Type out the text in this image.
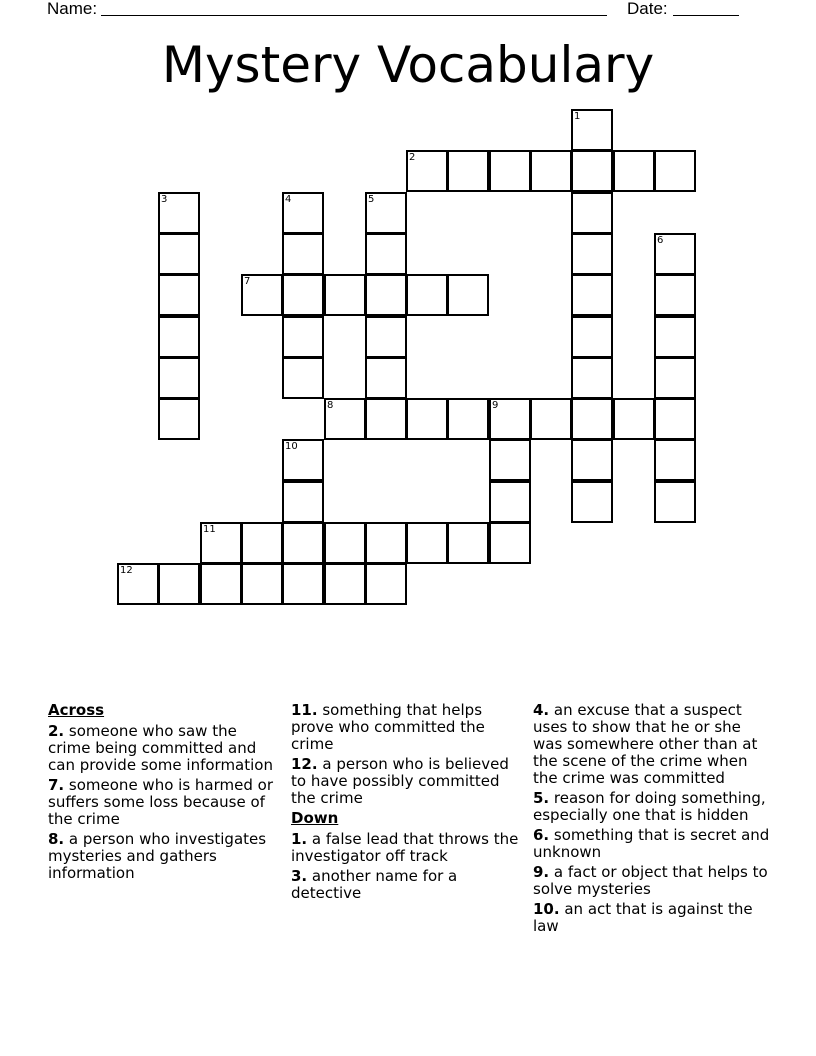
Name:	Date:
Mystery Vocabulary
1
2
3	4	5
6
7
8	9
10
11
12
Across
2. someone who saw the crime being committed and can provide some information
7. someone who is harmed or suffers some loss because of the crime
8. a person who investigates mysteries and gathers information
11. something that helps prove who committed the crime
12. a person who is believed to have possibly committed the crime
Down
1. a false lead that throws the investigator off track
3. another name for a detective
4. an excuse that a suspect uses to show that he or she was somewhere other than at the scene of the crime when the crime was committed
5. reason for doing something, especially one that is hidden
6. something that is secret and unknown
9. a fact or object that helps to solve mysteries
10. an act that is against the law
